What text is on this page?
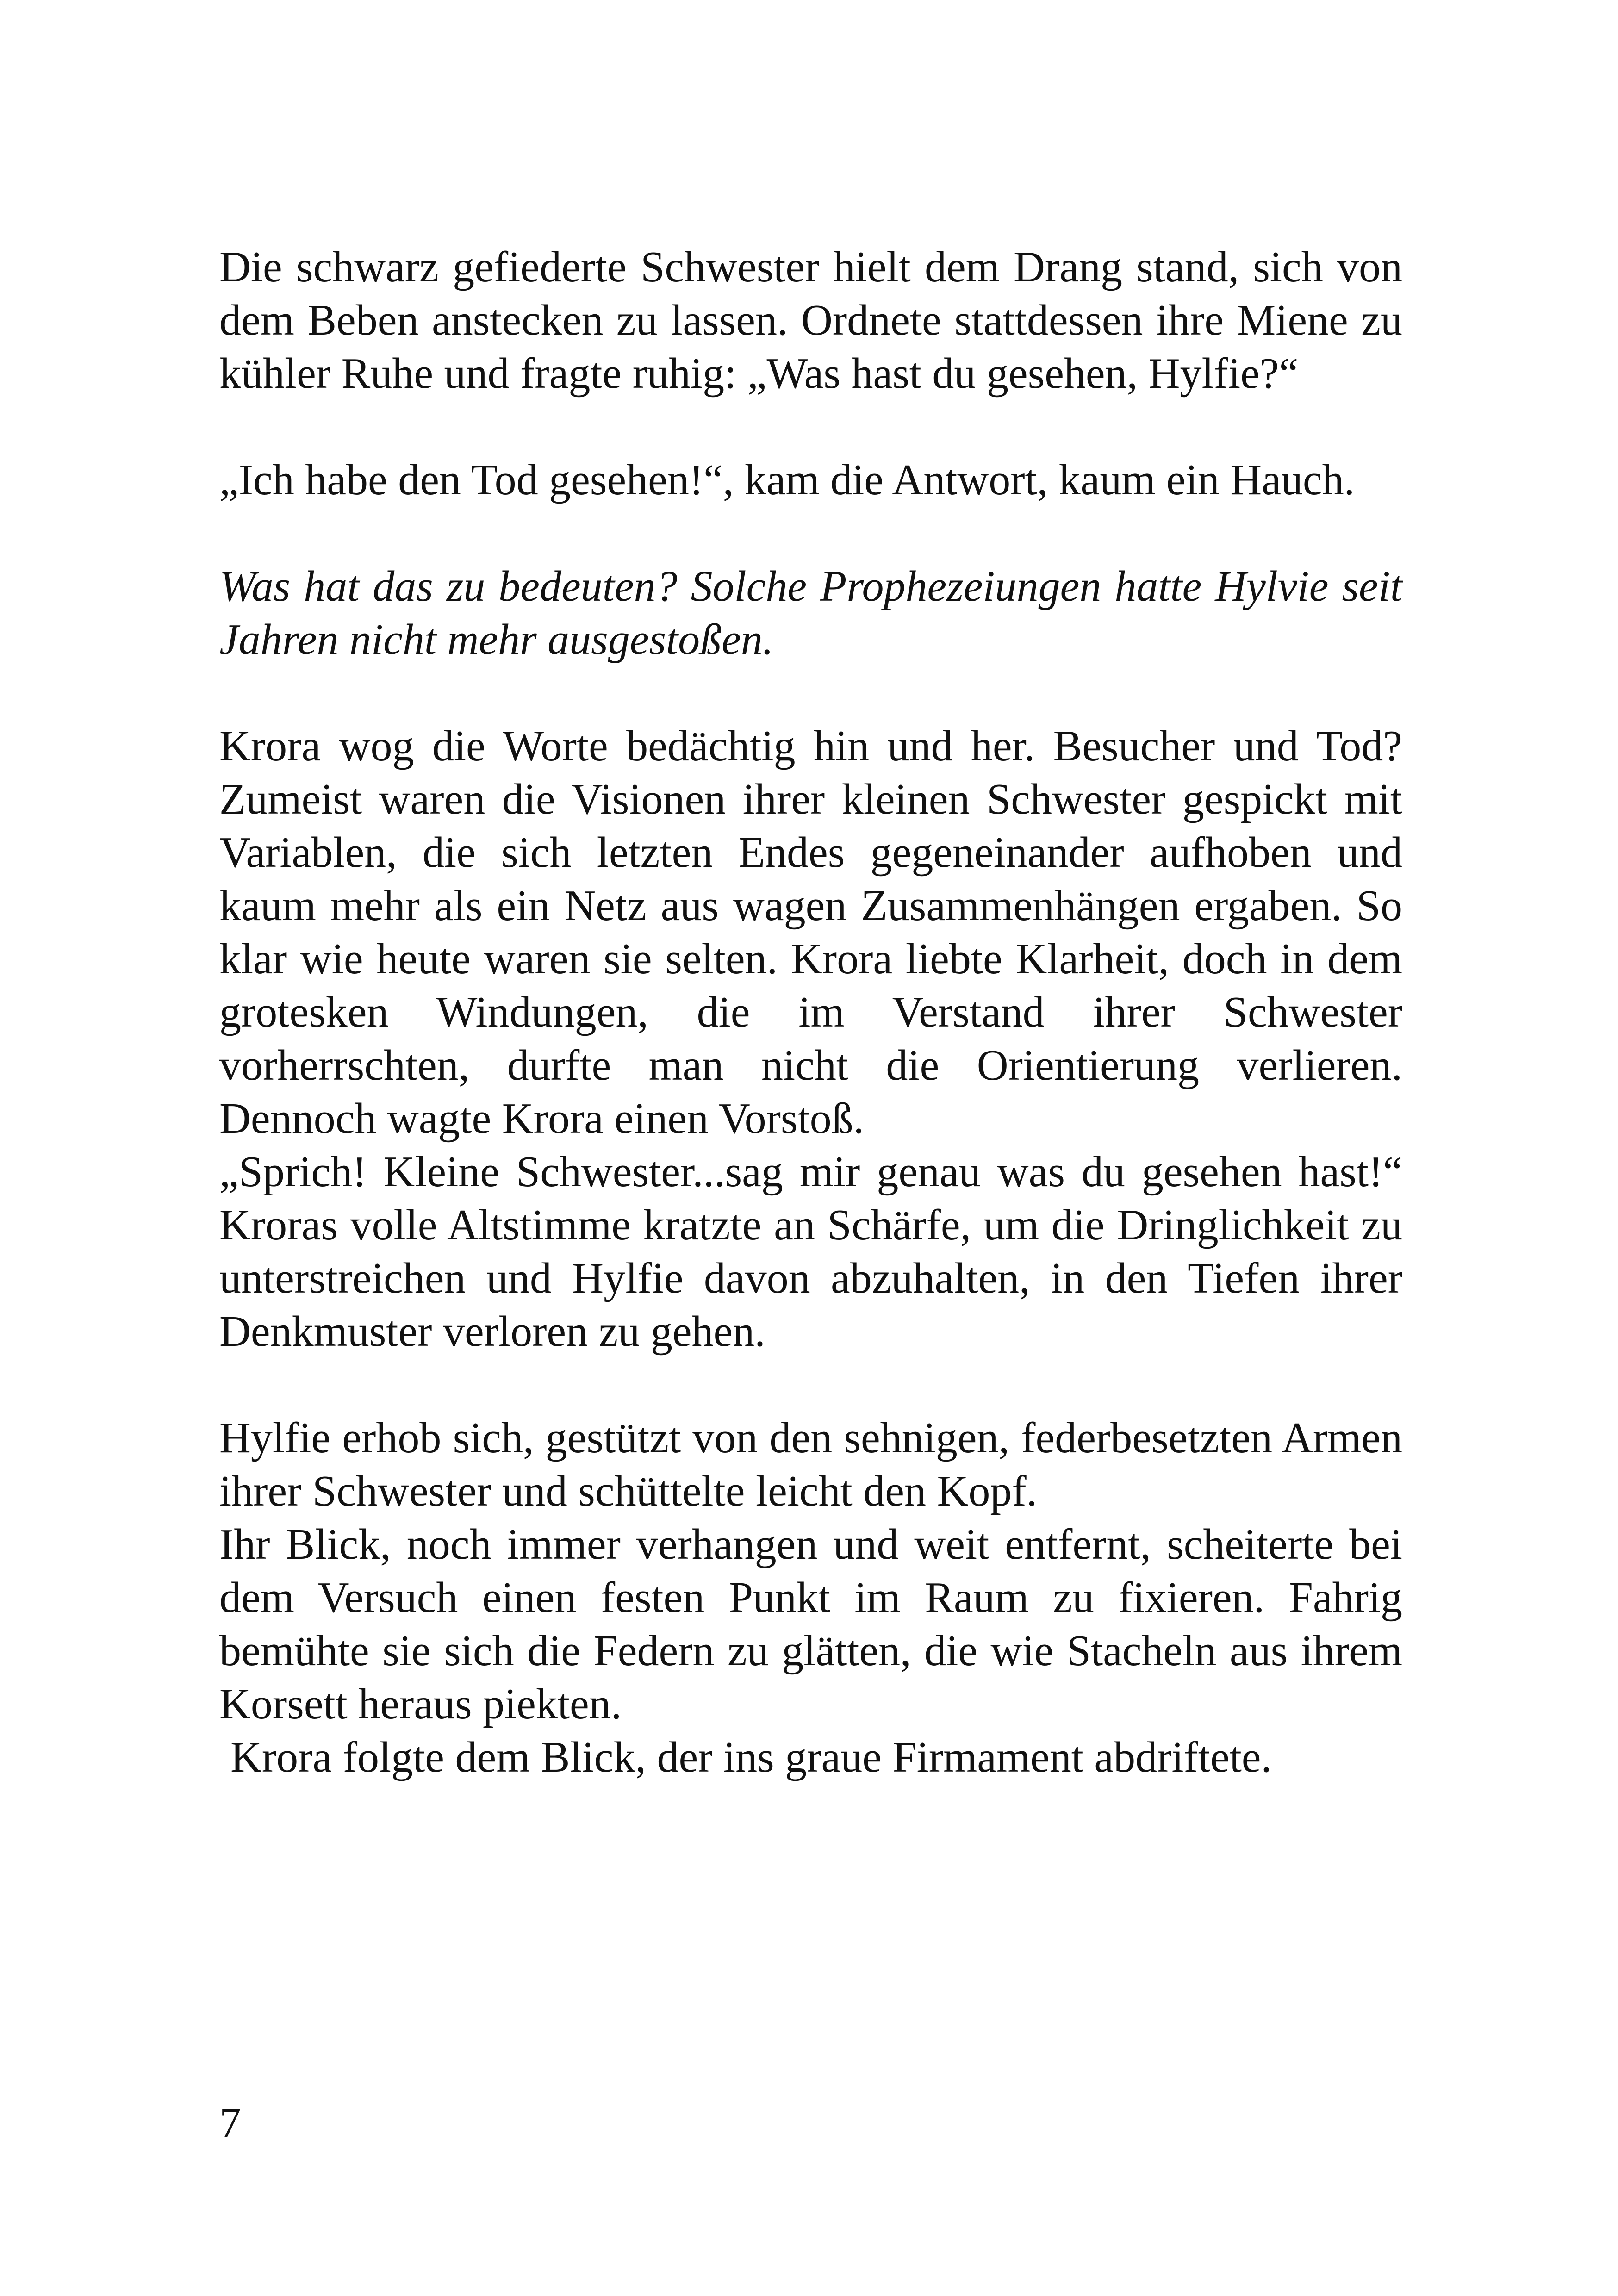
Die schwarz gefiederte Schwester hielt dem Drang stand, sich von dem Beben anstecken zu lassen. Ordnete stattdessen ihre Miene zu kühler Ruhe und fragte ruhig: „Was hast du gesehen, Hylfie?“

„Ich habe den Tod gesehen!“, kam die Antwort, kaum ein Hauch.

Was hat das zu bedeuten? Solche Prophezeiungen hatte Hylvie seit Jahren nicht mehr ausgestoßen.

Krora wog die Worte bedächtig hin und her. Besucher und Tod? Zumeist waren die Visionen ihrer kleinen Schwester gespickt mit Variablen, die sich letzten Endes gegeneinander aufhoben und kaum mehr als ein Netz aus wagen Zusammenhängen ergaben. So klar wie heute waren sie selten. Krora liebte Klarheit, doch in dem grotesken Windungen, die im Verstand ihrer Schwester vorherrschten, durfte man nicht die Orientierung verlieren. Dennoch wagte Krora einen Vorstoß.

„Sprich! Kleine Schwester...sag mir genau was du gesehen hast!“ Kroras volle Altstimme kratzte an Schärfe, um die Dringlichkeit zu unterstreichen und Hylfie davon abzuhalten, in den Tiefen ihrer Denkmuster verloren zu gehen.

Hylfie erhob sich, gestützt von den sehnigen, federbesetzten Armen ihrer Schwester und schüttelte leicht den Kopf.

Ihr Blick, noch immer verhangen und weit entfernt, scheiterte bei dem Versuch einen festen Punkt im Raum zu fixieren. Fahrig bemühte sie sich die Federn zu glätten, die wie Stacheln aus ihrem Korsett heraus piekten.

Krora folgte dem Blick, der ins graue Firmament abdriftete.

7
